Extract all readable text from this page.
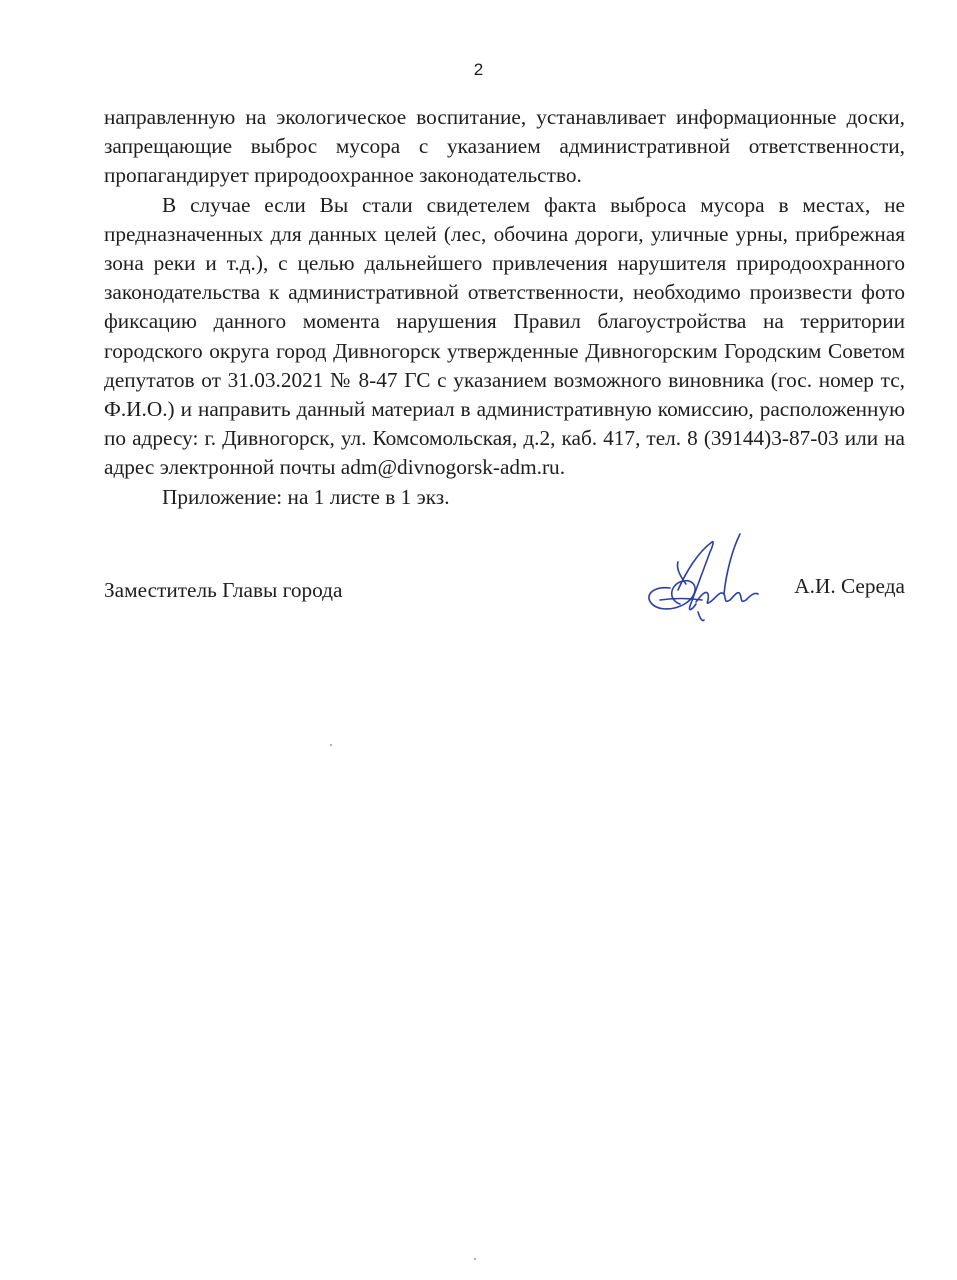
2

направленную на экологическое воспитание, устанавливает информационные доски, запрещающие выброс мусора с указанием административной ответственности, пропагандирует природоохранное законодательство.

В случае если Вы стали свидетелем факта выброса мусора в местах, не предназначенных для данных целей (лес, обочина дороги, уличные урны, прибрежная зона реки и т.д.), с целью дальнейшего привлечения нарушителя природоохранного законодательства к административной ответственности, необходимо произвести фото фиксацию данного момента нарушения Правил благоустройства на территории городского округа город Дивногорск утвержденные Дивногорским Городским Советом депутатов от 31.03.2021 № 8-47 ГС с указанием возможного виновника (гос. номер тс, Ф.И.О.) и направить данный материал в административную комиссию, расположенную по адресу: г. Дивногорск, ул. Комсомольская, д.2, каб. 417, тел. 8 (39144)3-87-03 или на адрес электронной почты adm@divnogorsk-adm.ru.

Приложение: на 1 листе в 1 экз.

Заместитель Главы города	А.И. Середа
